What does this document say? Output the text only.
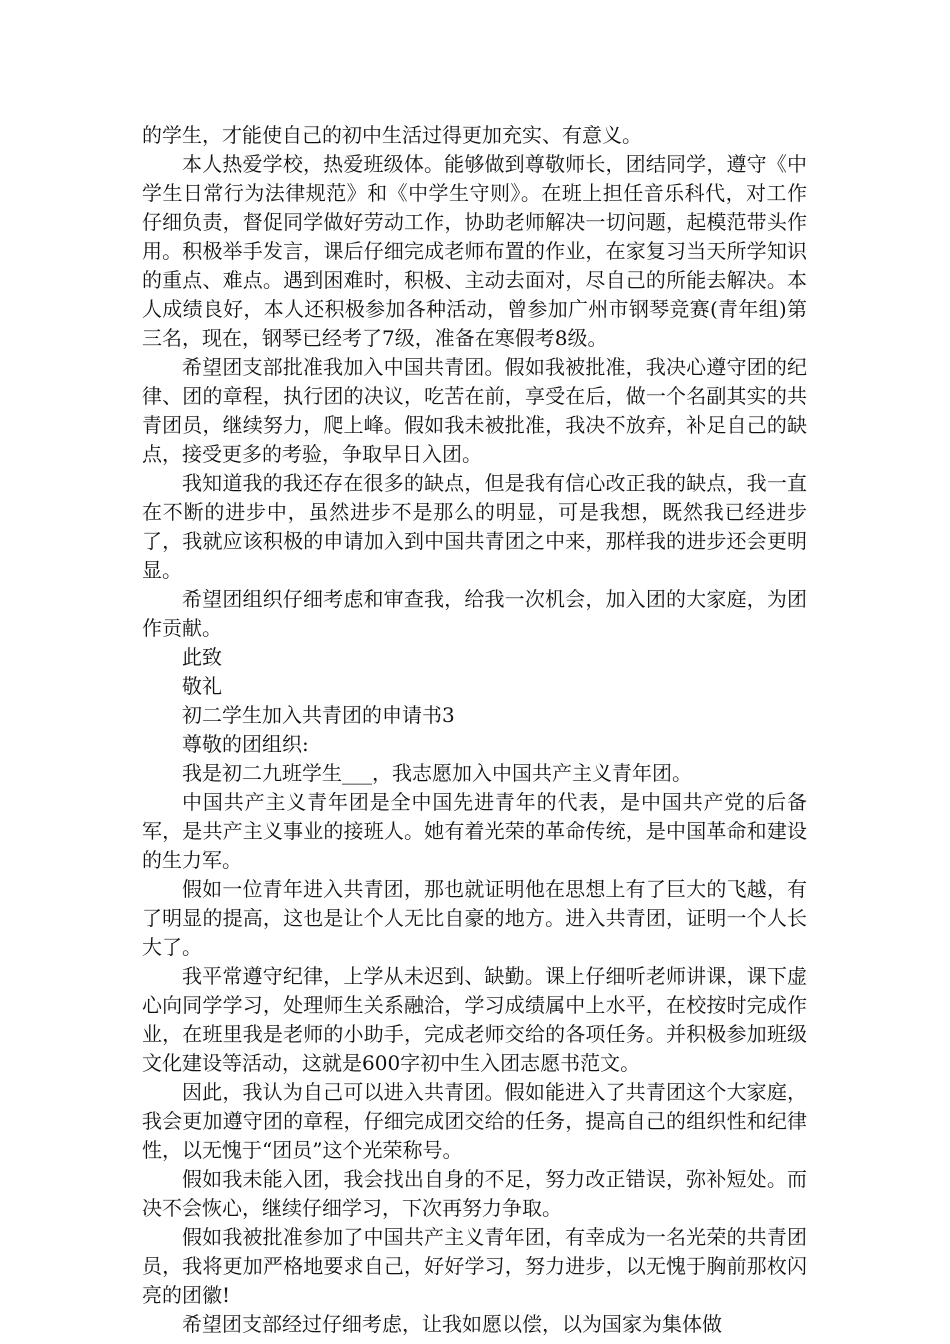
的学生，才能使自己的初中生活过得更加充实、有意义。

本人热爱学校，热爱班级体。能够做到尊敬师长，团结同学，遵守《中学生日常行为法律规范》和《中学生守则》。在班上担任音乐科代，对工作仔细负责，督促同学做好劳动工作，协助老师解决一切问题，起模范带头作用。积极举手发言，课后仔细完成老师布置的作业，在家复习当天所学知识的重点、难点。遇到困难时，积极、主动去面对，尽自己的所能去解决。本人成绩良好，本人还积极参加各种活动，曾参加广州市钢琴竞赛(青年组)第三名，现在，钢琴已经考了7级，准备在寒假考8级。

希望团支部批准我加入中国共青团。假如我被批准，我决心遵守团的纪律、团的章程，执行团的决议，吃苦在前，享受在后，做一个名副其实的共青团员，继续努力，爬上峰。假如我未被批准，我决不放弃，补足自己的缺点，接受更多的考验，争取早日入团。

我知道我的我还存在很多的缺点，但是我有信心改正我的缺点，我一直在不断的进步中，虽然进步不是那么的明显，可是我想，既然我已经进步了，我就应该积极的申请加入到中国共青团之中来，那样我的进步还会更明显。

希望团组织仔细考虑和审查我，给我一次机会，加入团的大家庭，为团作贡献。

此致

敬礼

初二学生加入共青团的申请书3

尊敬的团组织:

我是初二九班学生___，我志愿加入中国共产主义青年团。

中国共产主义青年团是全中国先进青年的代表，是中国共产党的后备军，是共产主义事业的接班人。她有着光荣的革命传统，是中国革命和建设的生力军。

假如一位青年进入共青团，那也就证明他在思想上有了巨大的飞越，有了明显的提高，这也是让个人无比自豪的地方。进入共青团，证明一个人长大了。

我平常遵守纪律，上学从未迟到、缺勤。课上仔细听老师讲课，课下虚心向同学学习，处理师生关系融洽，学习成绩属中上水平，在校按时完成作业，在班里我是老师的小助手，完成老师交给的各项任务。并积极参加班级文化建设等活动，这就是600字初中生入团志愿书范文。

因此，我认为自己可以进入共青团。假如能进入了共青团这个大家庭，我会更加遵守团的章程，仔细完成团交给的任务，提高自己的组织性和纪律性，以无愧于“团员”这个光荣称号。

假如我未能入团，我会找出自身的不足，努力改正错误，弥补短处。而决不会恢心，继续仔细学习，下次再努力争取。

假如我被批准参加了中国共产主义青年团，有幸成为一名光荣的共青团员，我将更加严格地要求自己，好好学习，努力进步，以无愧于胸前那枚闪亮的团徽!

希望团支部经过仔细考虑，让我如愿以偿，以为国家为集体做
